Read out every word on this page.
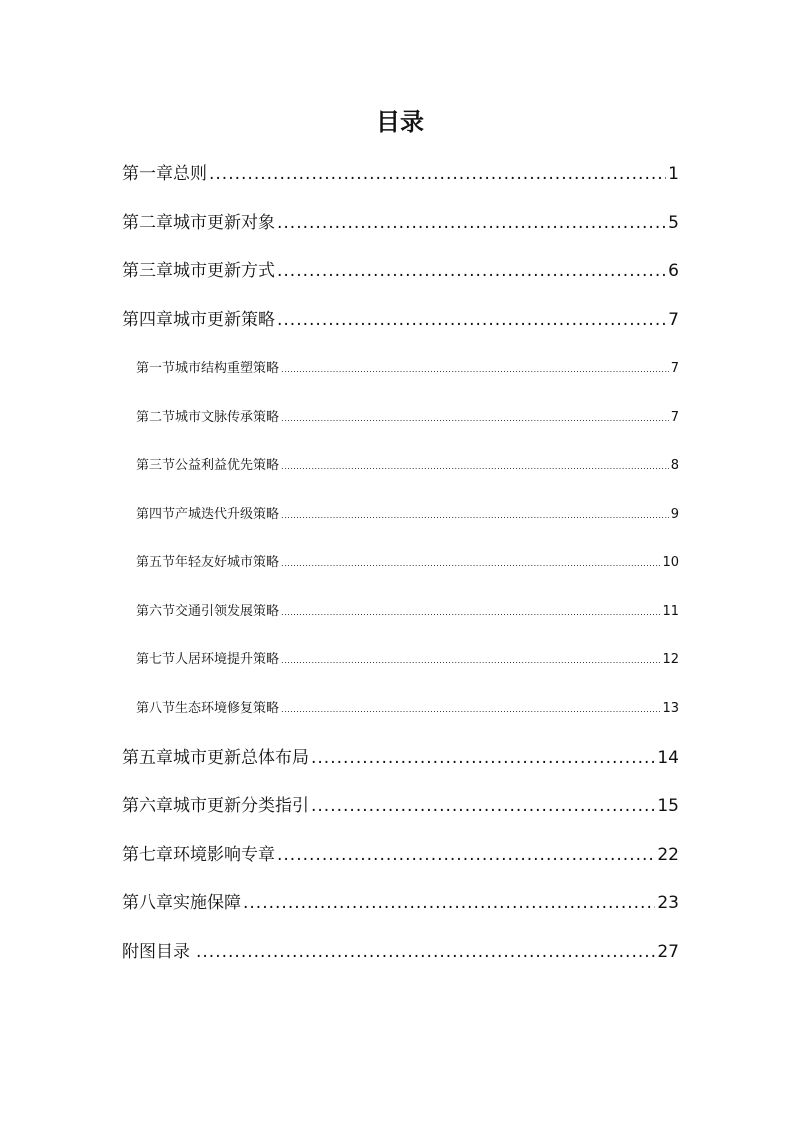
目录
第一章 总则 .....	1
第二章 城市更新对象 .....	5
第三章 城市更新方式 .....	6
第四章 城市更新策略 .....	7
第一节 城市结构重塑策略 .....	7
第二节 城市文脉传承策略 .....	7
第三节 公益利益优先策略 .....	8
第四节 产城迭代升级策略 .....	9
第五节 年轻友好城市策略 .....	10
第六节 交通引领发展策略 .....	11
第七节 人居环境提升策略 .....	12
第八节 生态环境修复策略 .....	13
第五章 城市更新总体布局 .....	14
第六章 城市更新分类指引 .....	15
第七章 环境影响专章 .....	22
第八章 实施保障 .....	23
附图目录 .....	27
